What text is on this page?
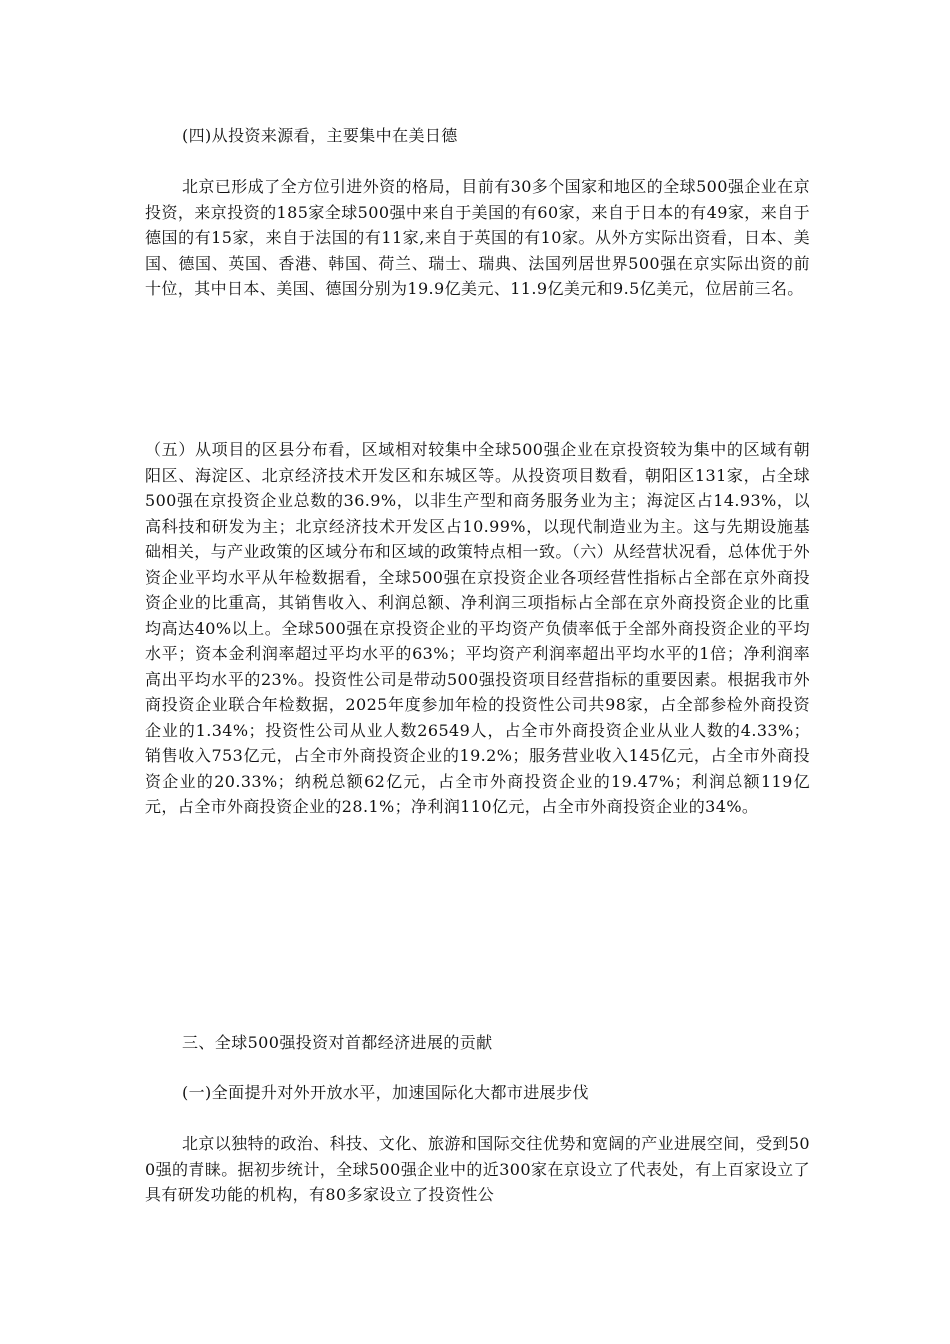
(四)从投资来源看，主要集中在美日德

北京已形成了全方位引进外资的格局，目前有30多个国家和地区的全球500强企业在京投资，来京投资的185家全球500强中来自于美国的有60家，来自于日本的有49家，来自于德国的有15家，来自于法国的有11家,来自于英国的有10家。从外方实际出资看，日本、美国、德国、英国、香港、韩国、荷兰、瑞士、瑞典、法国列居世界500强在京实际出资的前十位，其中日本、美国、德国分别为19.9亿美元、11.9亿美元和9.5亿美元，位居前三名。

（五）从项目的区县分布看，区域相对较集中全球500强企业在京投资较为集中的区域有朝阳区、海淀区、北京经济技术开发区和东城区等。从投资项目数看，朝阳区131家，占全球500强在京投资企业总数的36.9%，以非生产型和商务服务业为主；海淀区占14.93%，以高科技和研发为主；北京经济技术开发区占10.99%，以现代制造业为主。这与先期设施基础相关，与产业政策的区域分布和区域的政策特点相一致。（六）从经营状况看，总体优于外资企业平均水平从年检数据看，全球500强在京投资企业各项经营性指标占全部在京外商投资企业的比重高，其销售收入、利润总额、净利润三项指标占全部在京外商投资企业的比重均高达40%以上。全球500强在京投资企业的平均资产负债率低于全部外商投资企业的平均水平；资本金利润率超过平均水平的63%；平均资产利润率超出平均水平的1倍；净利润率高出平均水平的23%。投资性公司是带动500强投资项目经营指标的重要因素。根据我市外商投资企业联合年检数据，2025年度参加年检的投资性公司共98家，占全部参检外商投资企业的1.34%；投资性公司从业人数26549人，占全市外商投资企业从业人数的4.33%；销售收入753亿元，占全市外商投资企业的19.2%；服务营业收入145亿元，占全市外商投资企业的20.33%；纳税总额62亿元，占全市外商投资企业的19.47%；利润总额119亿元，占全市外商投资企业的28.1%；净利润110亿元，占全市外商投资企业的34%。

三、全球500强投资对首都经济进展的贡献

(一)全面提升对外开放水平，加速国际化大都市进展步伐

北京以独特的政治、科技、文化、旅游和国际交往优势和宽阔的产业进展空间，受到500强的青睐。据初步统计，全球500强企业中的近300家在京设立了代表处，有上百家设立了具有研发功能的机构，有80多家设立了投资性公
